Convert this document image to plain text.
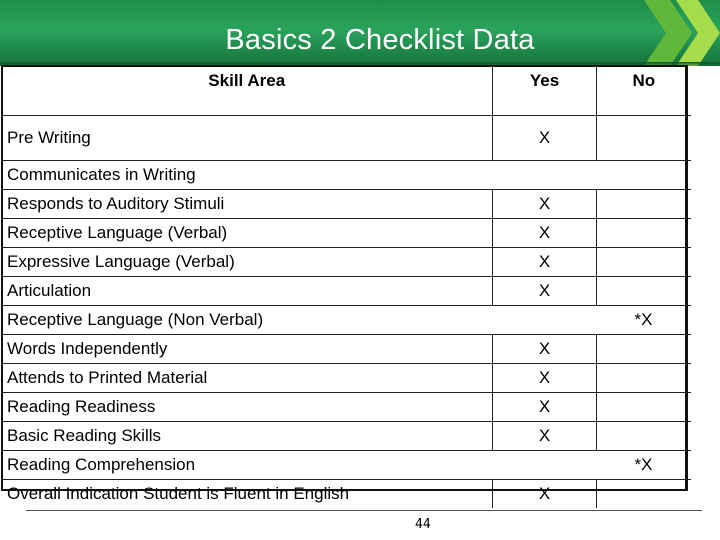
Basics 2 Checklist Data
Skill Area	Yes	No
Pre Writing	X	
Communicates in Writing		
Responds to Auditory Stimuli	X	
Receptive Language (Verbal)	X	
Expressive Language (Verbal)	X	
Articulation	X	
Receptive Language (Non Verbal)		*X
Words Independently	X	
Attends to Printed Material	X	
Reading Readiness	X	
Basic Reading Skills	X	
Reading Comprehension		*X
Overall Indication Student is Fluent in English	X	
44
